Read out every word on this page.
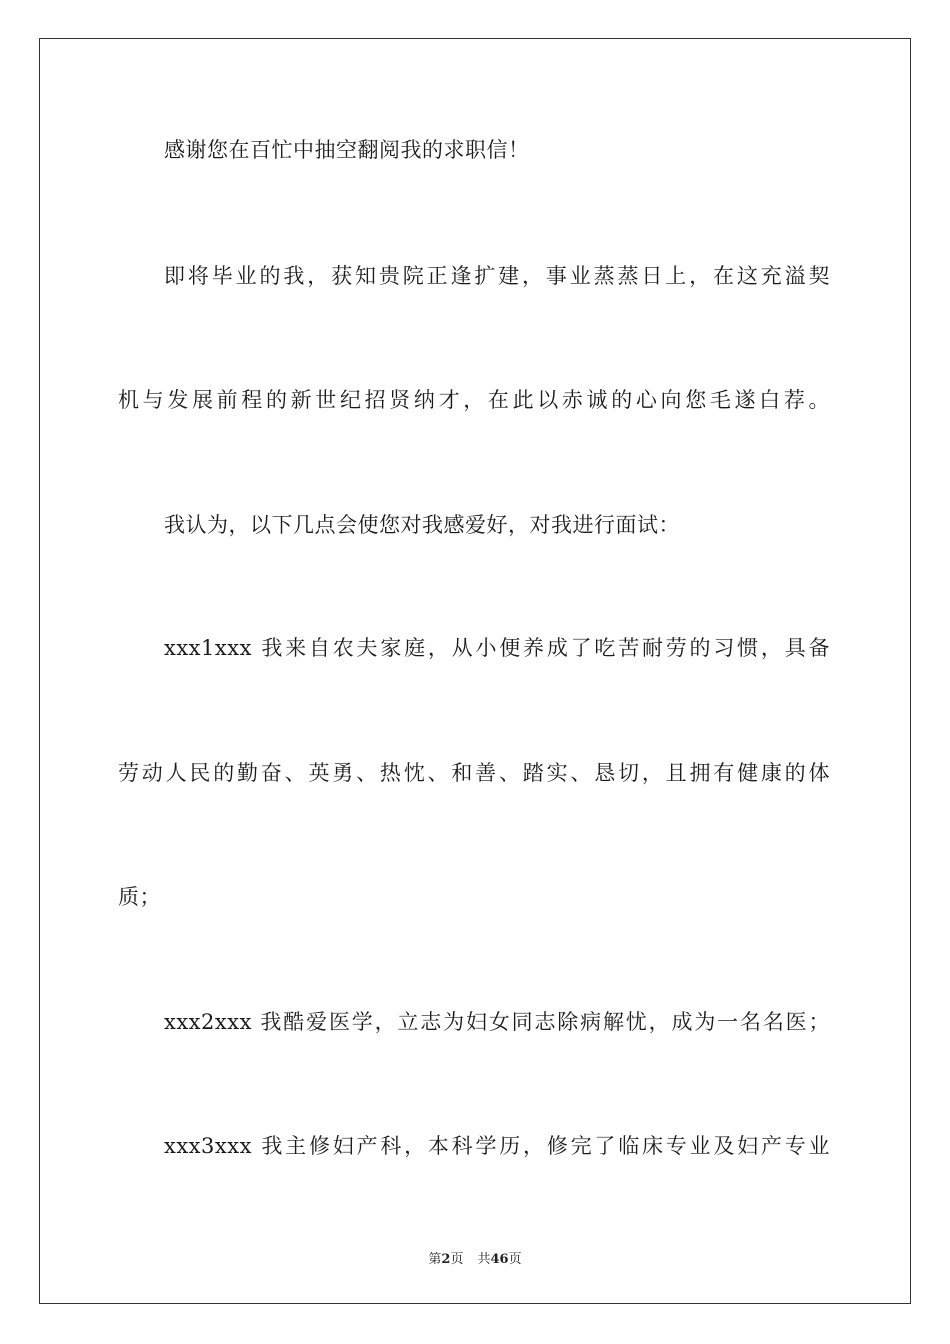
感谢您在百忙中抽空翻阅我的求职信！
即将毕业的我，获知贵院正逢扩建，事业蒸蒸日上，在这充溢契
机与发展前程的新世纪招贤纳才，在此以赤诚的心向您毛遂白荐。
我认为，以下几点会使您对我感爱好，对我进行面试：
xxx1xxx 我来自农夫家庭，从小便养成了吃苦耐劳的习惯，具备
劳动人民的勤奋、英勇、热忱、和善、踏实、恳切，且拥有健康的体
质；
xxx2xxx 我酷爱医学，立志为妇女同志除病解忧，成为一名名医；
xxx3xxx 我主修妇产科，本科学历，修完了临床专业及妇产专业
第2页 共46页
